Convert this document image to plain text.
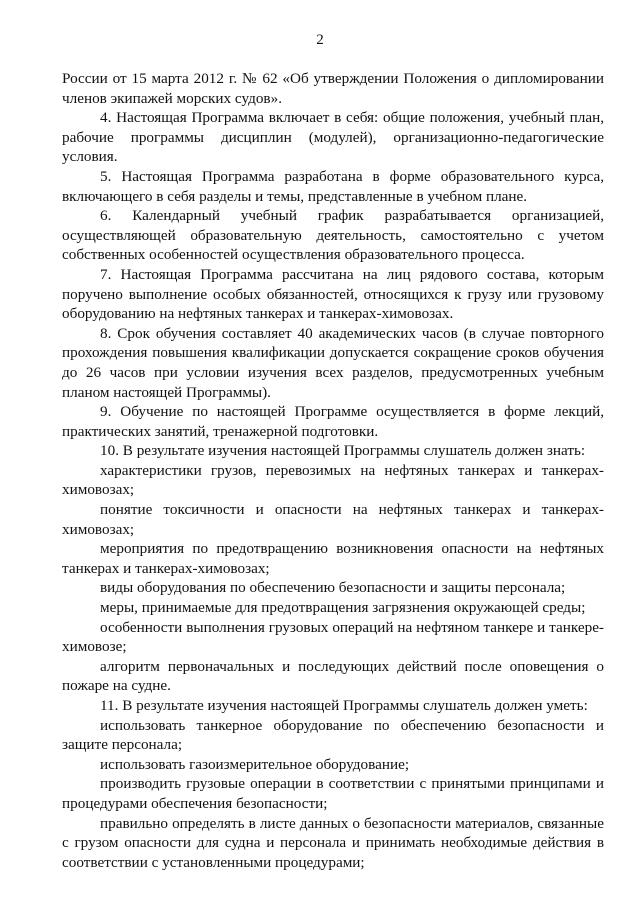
2

России от 15 марта 2012 г. № 62 «Об утверждении Положения о дипломировании членов экипажей морских судов».

4. Настоящая Программа включает в себя: общие положения, учебный план, рабочие программы дисциплин (модулей), организационно-педагогические условия.

5. Настоящая Программа разработана в форме образовательного курса, включающего в себя разделы и темы, представленные в учебном плане.

6. Календарный учебный график разрабатывается организацией, осуществляющей образовательную деятельность, самостоятельно с учетом собственных особенностей осуществления образовательного процесса.

7. Настоящая Программа рассчитана на лиц рядового состава, которым поручено выполнение особых обязанностей, относящихся к грузу или грузовому оборудованию на нефтяных танкерах и танкерах-химовозах.

8. Срок обучения составляет 40 академических часов (в случае повторного прохождения повышения квалификации допускается сокращение сроков обучения до 26 часов при условии изучения всех разделов, предусмотренных учебным планом настоящей Программы).

9. Обучение по настоящей Программе осуществляется в форме лекций, практических занятий, тренажерной подготовки.

10. В результате изучения настоящей Программы слушатель должен знать:

характеристики грузов, перевозимых на нефтяных танкерах и танкерах-химовозах;

понятие токсичности и опасности на нефтяных танкерах и танкерах-химовозах;

мероприятия по предотвращению возникновения опасности на нефтяных танкерах и танкерах-химовозах;

виды оборудования по обеспечению безопасности и защиты персонала;

меры, принимаемые для предотвращения загрязнения окружающей среды;

особенности выполнения грузовых операций на нефтяном танкере и танкере-химовозе;

алгоритм первоначальных и последующих действий после оповещения о пожаре на судне.

11. В результате изучения настоящей Программы слушатель должен уметь:

использовать танкерное оборудование по обеспечению безопасности и защите персонала;

использовать газоизмерительное оборудование;

производить грузовые операции в соответствии с принятыми принципами и процедурами обеспечения безопасности;

правильно определять в листе данных о безопасности материалов, связанные с грузом опасности для судна и персонала и принимать необходимые действия в соответствии с установленными процедурами;
